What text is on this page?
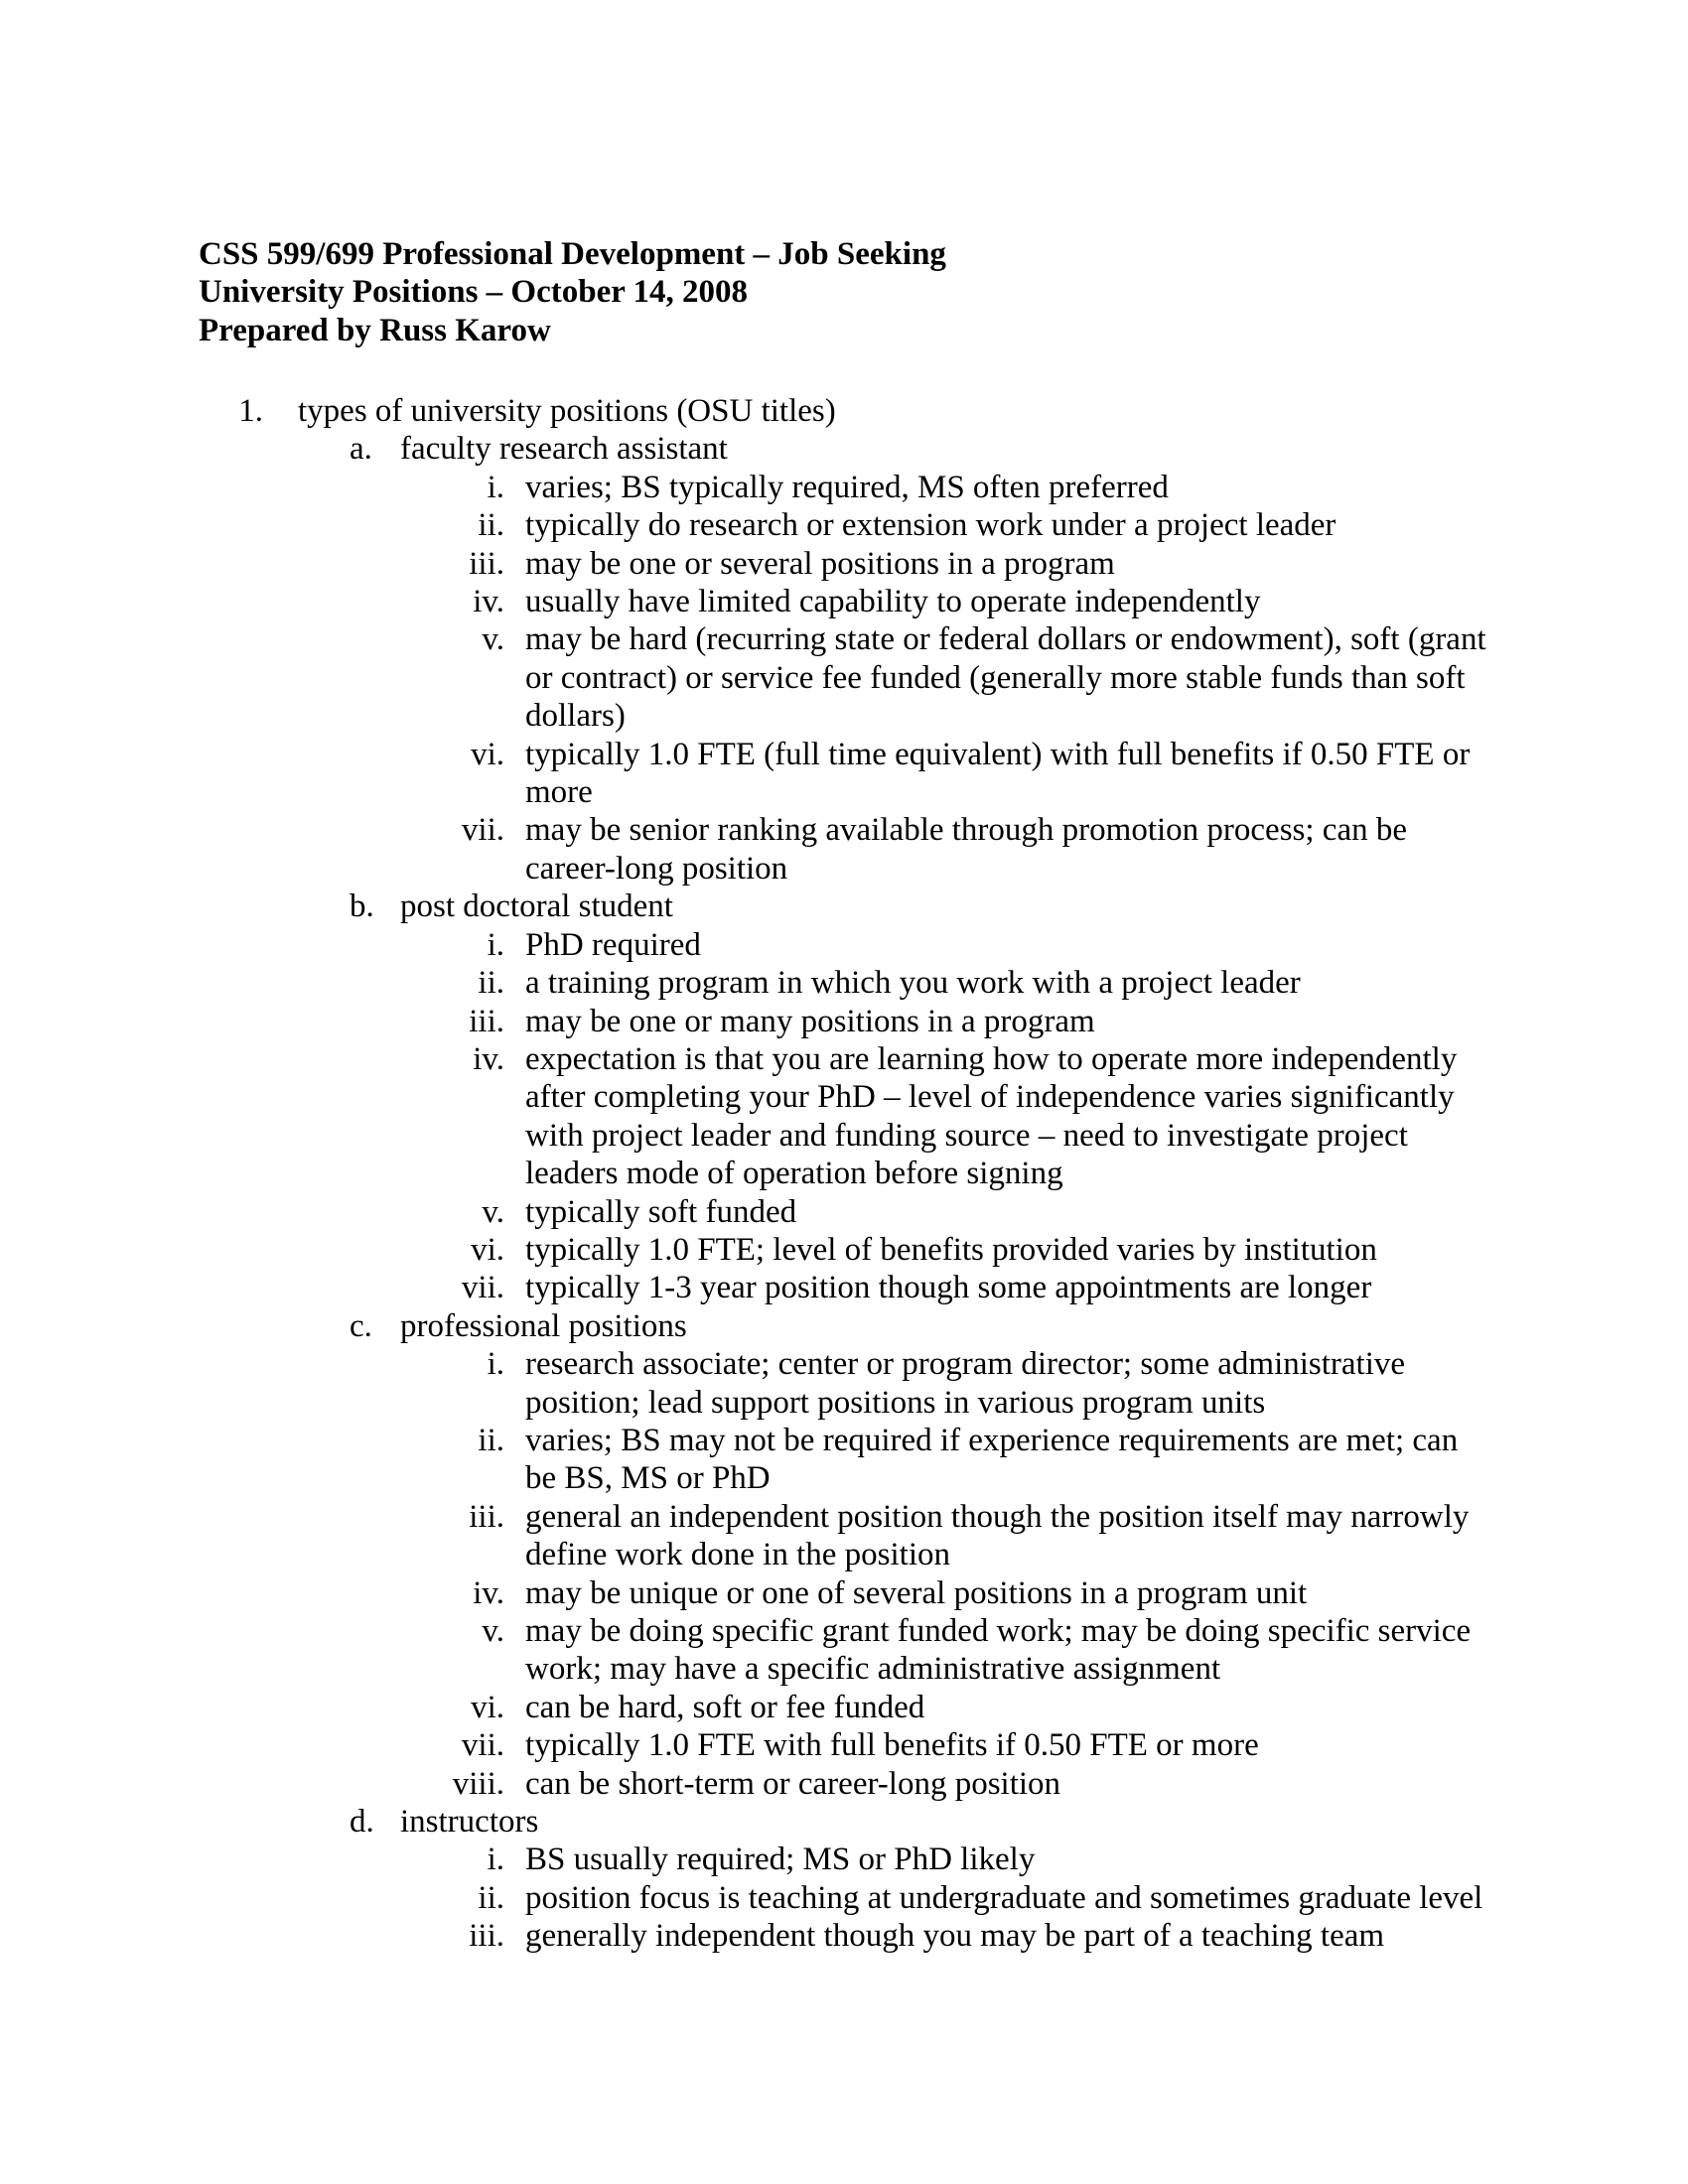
CSS 599/699 Professional Development – Job Seeking
University Positions – October 14, 2008
Prepared by Russ Karow
1. types of university positions (OSU titles)
a. faculty research assistant
i. varies; BS typically required, MS often preferred
ii. typically do research or extension work under a project leader
iii. may be one or several positions in a program
iv. usually have limited capability to operate independently
v. may be hard (recurring state or federal dollars or endowment), soft (grant or contract) or service fee funded (generally more stable funds than soft dollars)
vi. typically 1.0 FTE (full time equivalent) with full benefits if 0.50 FTE or more
vii. may be senior ranking available through promotion process; can be career-long position
b. post doctoral student
i. PhD required
ii. a training program in which you work with a project leader
iii. may be one or many positions in a program
iv. expectation is that you are learning how to operate more independently after completing your PhD – level of independence varies significantly with project leader and funding source – need to investigate project leaders mode of operation before signing
v. typically soft funded
vi. typically 1.0 FTE; level of benefits provided varies by institution
vii. typically 1-3 year position though some appointments are longer
c. professional positions
i. research associate; center or program director; some administrative position; lead support positions in various program units
ii. varies; BS may not be required if experience requirements are met; can be BS, MS or PhD
iii. general an independent position though the position itself may narrowly define work done in the position
iv. may be unique or one of several positions in a program unit
v. may be doing specific grant funded work; may be doing specific service work; may have a specific administrative assignment
vi. can be hard, soft or fee funded
vii. typically 1.0 FTE with full benefits if 0.50 FTE or more
viii. can be short-term or career-long position
d. instructors
i. BS usually required; MS or PhD likely
ii. position focus is teaching at undergraduate and sometimes graduate level
iii. generally independent though you may be part of a teaching team
